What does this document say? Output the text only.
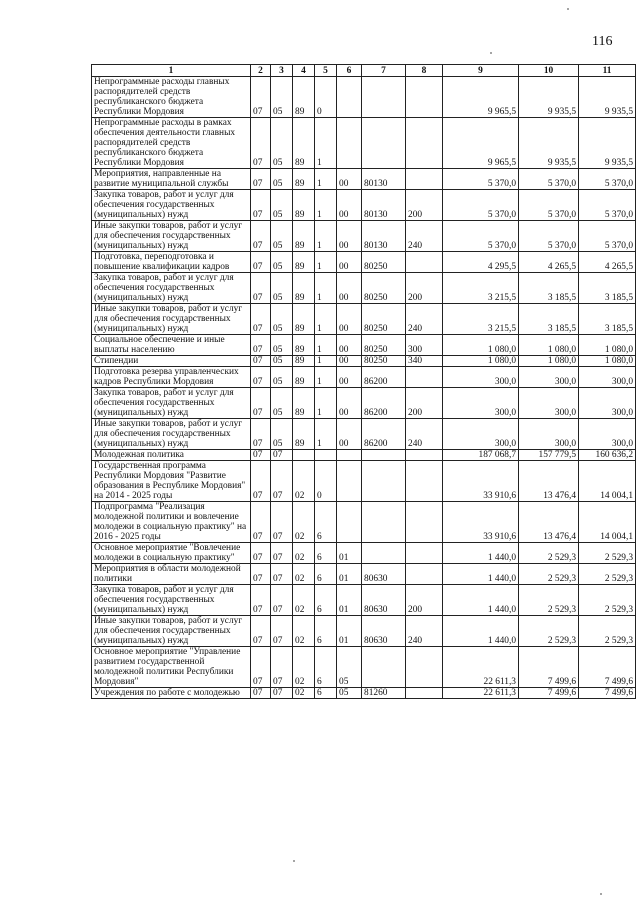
116
1	2	3	4	5	6	7	8	9	10	11
Непрограммные расходы главных распорядителей средств республиканского бюджета Республики Мордовия	07	05	89	0				9 965,5	9 935,5	9 935,5
Непрограммные расходы в рамках обеспечения деятельности главных распорядителей средств республиканского бюджета Республики Мордовия	07	05	89	1				9 965,5	9 935,5	9 935,5
Мероприятия, направленные на развитие муниципальной службы	07	05	89	1	00	80130		5 370,0	5 370,0	5 370,0
Закупка товаров, работ и услуг для обеспечения государственных (муниципальных) нужд	07	05	89	1	00	80130	200	5 370,0	5 370,0	5 370,0
Иные закупки товаров, работ и услуг для обеспечения государственных (муниципальных) нужд	07	05	89	1	00	80130	240	5 370,0	5 370,0	5 370,0
Подготовка, переподготовка и повышение квалификации кадров	07	05	89	1	00	80250		4 295,5	4 265,5	4 265,5
Закупка товаров, работ и услуг для обеспечения государственных (муниципальных) нужд	07	05	89	1	00	80250	200	3 215,5	3 185,5	3 185,5
Иные закупки товаров, работ и услуг для обеспечения государственных (муниципальных) нужд	07	05	89	1	00	80250	240	3 215,5	3 185,5	3 185,5
Социальное обеспечение и иные выплаты населению	07	05	89	1	00	80250	300	1 080,0	1 080,0	1 080,0
Стипендии	07	05	89	1	00	80250	340	1 080,0	1 080,0	1 080,0
Подготовка резерва управленческих кадров Республики Мордовия	07	05	89	1	00	86200		300,0	300,0	300,0
Закупка товаров, работ и услуг для обеспечения государственных (муниципальных) нужд	07	05	89	1	00	86200	200	300,0	300,0	300,0
Иные закупки товаров, работ и услуг для обеспечения государственных (муниципальных) нужд	07	05	89	1	00	86200	240	300,0	300,0	300,0
Молодежная политика	07	07						187 068,7	157 779,5	160 636,2
Государственная программа Республики Мордовия "Развитие образования в Республике Мордовия" на 2014 - 2025 годы	07	07	02	0				33 910,6	13 476,4	14 004,1
Подпрограмма "Реализация молодежной политики и вовлечение молодежи в социальную практику" на 2016 - 2025 годы	07	07	02	6				33 910,6	13 476,4	14 004,1
Основное мероприятие "Вовлечение молодежи в социальную практику"	07	07	02	6	01			1 440,0	2 529,3	2 529,3
Мероприятия в области молодежной политики	07	07	02	6	01	80630		1 440,0	2 529,3	2 529,3
Закупка товаров, работ и услуг для обеспечения государственных (муниципальных) нужд	07	07	02	6	01	80630	200	1 440,0	2 529,3	2 529,3
Иные закупки товаров, работ и услуг для обеспечения государственных (муниципальных) нужд	07	07	02	6	01	80630	240	1 440,0	2 529,3	2 529,3
Основное мероприятие "Управление развитием государственной молодежной политики Республики Мордовия"	07	07	02	6	05			22 611,3	7 499,6	7 499,6
Учреждения по работе с молодежью	07	07	02	6	05	81260		22 611,3	7 499,6	7 499,6
